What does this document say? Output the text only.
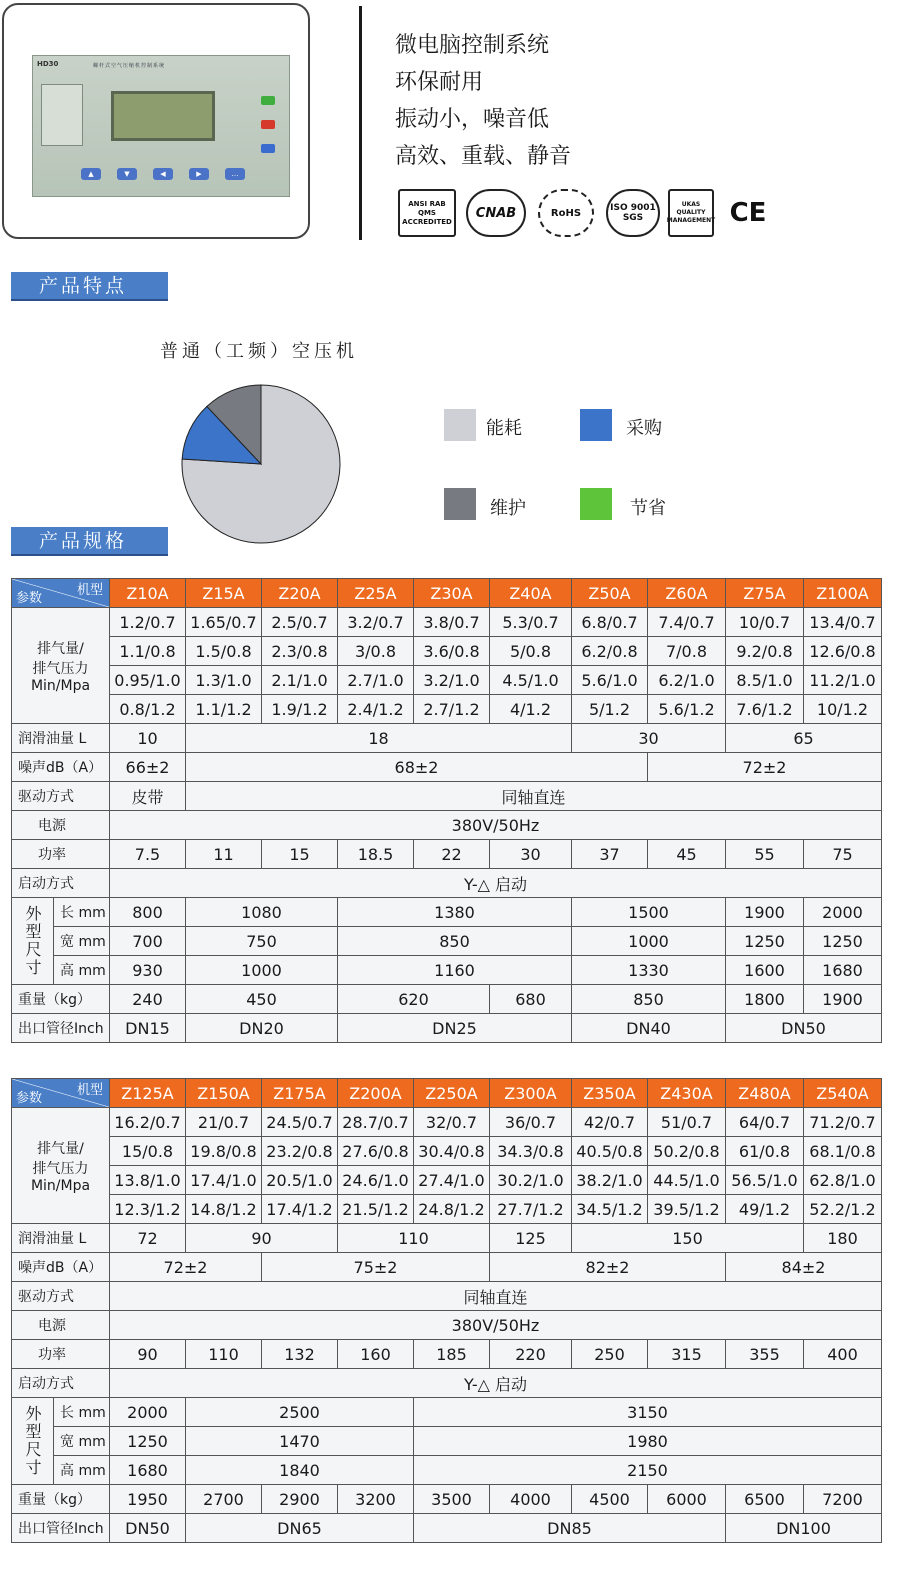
HD30	螺杆式空气压缩机控制系统
▲	▼	◀	▶	…
微电脑控制系统
环保耐用
振动小，噪音低
高效、重载、静音
ANSI RAB QMS ACCREDITED
CNAB	RoHS	ISO 9001 SGS
UKAS QUALITY MANAGEMENT CE
产品特点
普通（工频）空压机
能耗	采购
维护	节省
产品规格
机型
参数		Z10A	Z15A	Z20A	Z25A	Z30A	Z40A	Z50A	Z60A	Z75A	Z100A

排气量/
排气压力
Min/Mpa		1.2/0.7	1.65/0.7	2.5/0.7	3.2/0.7	3.8/0.7	5.3/0.7	6.8/0.7	7.4/0.7	10/0.7	13.4/0.7
		1.1/0.8	1.5/0.8	2.3/0.8	3/0.8	3.6/0.8	5/0.8	6.2/0.8	7/0.8	9.2/0.8	12.6/0.8
		0.95/1.0	1.3/1.0	2.1/1.0	2.7/1.0	3.2/1.0	4.5/1.0	5.6/1.0	6.2/1.0	8.5/1.0	11.2/1.0
		0.8/1.2	1.1/1.2	1.9/1.2	2.4/1.2	2.7/1.2	4/1.2	5/1.2	5.6/1.2	7.6/1.2	10/1.2
润滑油量 L		10	18					30		65	
噪声dB（A）		66±2	68±2						72±2		
驱动方式		皮带	同轴直连								
电源		380V/50Hz									
功率		7.5	11	15	18.5	22	30	37	45	55	75
启动方式		Y-△ 启动									
外型尺寸	长 mm	800	1080		1380			1500		1900	2000
	宽 mm	700	750		850			1000		1250	1250
	高 mm	930	1000		1160			1330		1600	1680
重量（kg）		240	450		620		680	850		1800	1900
出口管径Inch		DN15	DN20		DN25			DN40		DN50	
机型
参数		Z125A	Z150A	Z175A	Z200A	Z250A	Z300A	Z350A	Z430A	Z480A	Z540A

排气量/
排气压力
Min/Mpa		16.2/0.7	21/0.7	24.5/0.7	28.7/0.7	32/0.7	36/0.7	42/0.7	51/0.7	64/0.7	71.2/0.7
		15/0.8	19.8/0.8	23.2/0.8	27.6/0.8	30.4/0.8	34.3/0.8	40.5/0.8	50.2/0.8	61/0.8	68.1/0.8
		13.8/1.0	17.4/1.0	20.5/1.0	24.6/1.0	27.4/1.0	30.2/1.0	38.2/1.0	44.5/1.0	56.5/1.0	62.8/1.0
		12.3/1.2	14.8/1.2	17.4/1.2	21.5/1.2	24.8/1.2	27.7/1.2	34.5/1.2	39.5/1.2	49/1.2	52.2/1.2
润滑油量 L		72	90		110		125	150			180
噪声dB（A）		72±2		75±2			82±2			84±2	
驱动方式		同轴直连									
电源		380V/50Hz									
功率		90	110	132	160	185	220	250	315	355	400
启动方式		Y-△ 启动									
外型尺寸	长 mm	2000	2500			3150					
	宽 mm	1250	1470			1980					
	高 mm	1680	1840			2150					
重量（kg）		1950	2700	2900	3200	3500	4000	4500	6000	6500	7200
出口管径Inch		DN50	DN65			DN85				DN100	
